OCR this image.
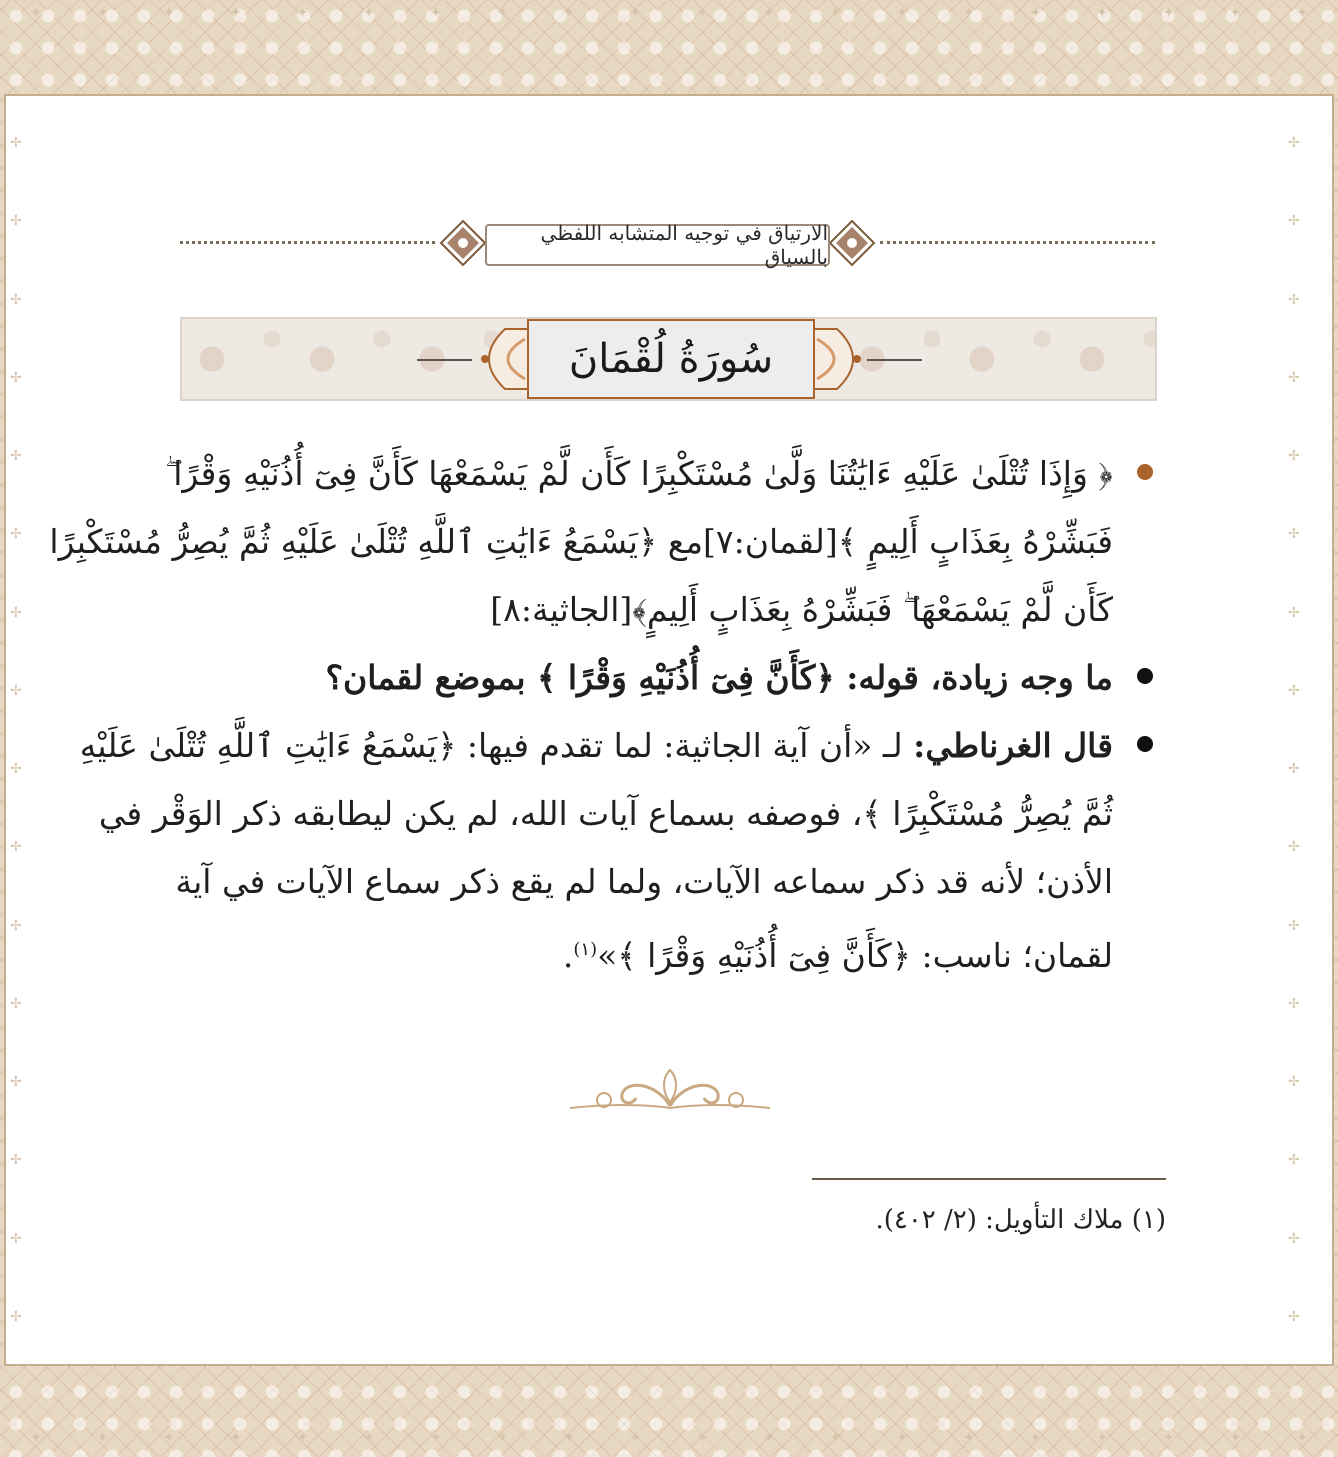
✦	✦	✦	✦	✦	✦	✦	✦	✦	✦	✦	✦	✦	✦	✦	✦	✦	✦	✦	✦
✦	✦	✦	✦	✦	✦	✦	✦	✦	✦	✦	✦	✦	✦	✦	✦	✦	✦	✦	✦
✢
✢
✢
✢
✢
✢
✢
✢
✢
✢
✢
✢
✢
✢
✢
✢
✢
✢
✢
✢
✢
✢
✢
✢
✢
✢
✢
✢
✢
✢
✢
✢
الارتياق في توجيه المتشابه اللفظي بالسياق
سُورَةُ لُقْمَانَ
﴿ وَإِذَا تُتْلَىٰ عَلَيْهِ ءَايَٰتُنَا وَلَّىٰ مُسْتَكْبِرًا كَأَن لَّمْ يَسْمَعْهَا كَأَنَّ فِىٓ أُذُنَيْهِ وَقْرًا ۖ
فَبَشِّرْهُ بِعَذَابٍ أَلِيمٍ ﴾[لقمان:٧]مع ﴿يَسْمَعُ ءَايَٰتِ ٱللَّهِ تُتْلَىٰ عَلَيْهِ ثُمَّ يُصِرُّ مُسْتَكْبِرًا
كَأَن لَّمْ يَسْمَعْهَا ۖ فَبَشِّرْهُ بِعَذَابٍ أَلِيمٍ﴾[الجاثية:٨]
ما وجه زيادة، قوله: ﴿كَأَنَّ فِىٓ أُذُنَيْهِ وَقْرًا ﴾ بموضع لقمان؟
قال الغرناطي: لـ «أن آية الجاثية: لما تقدم فيها: ﴿يَسْمَعُ ءَايَٰتِ ٱللَّهِ تُتْلَىٰ عَلَيْهِ
ثُمَّ يُصِرُّ مُسْتَكْبِرًا ﴾، فوصفه بسماع آيات الله، لم يكن ليطابقه ذكر الوَقْر في
الأذن؛ لأنه قد ذكر سماعه الآيات، ولما لم يقع ذكر سماع الآيات في آية
لقمان؛ ناسب: ﴿كَأَنَّ فِىٓ أُذُنَيْهِ وَقْرًا ﴾»$^{(١)}$.
(١) ملاك التأويل: (٢/ ٤٠٢).
